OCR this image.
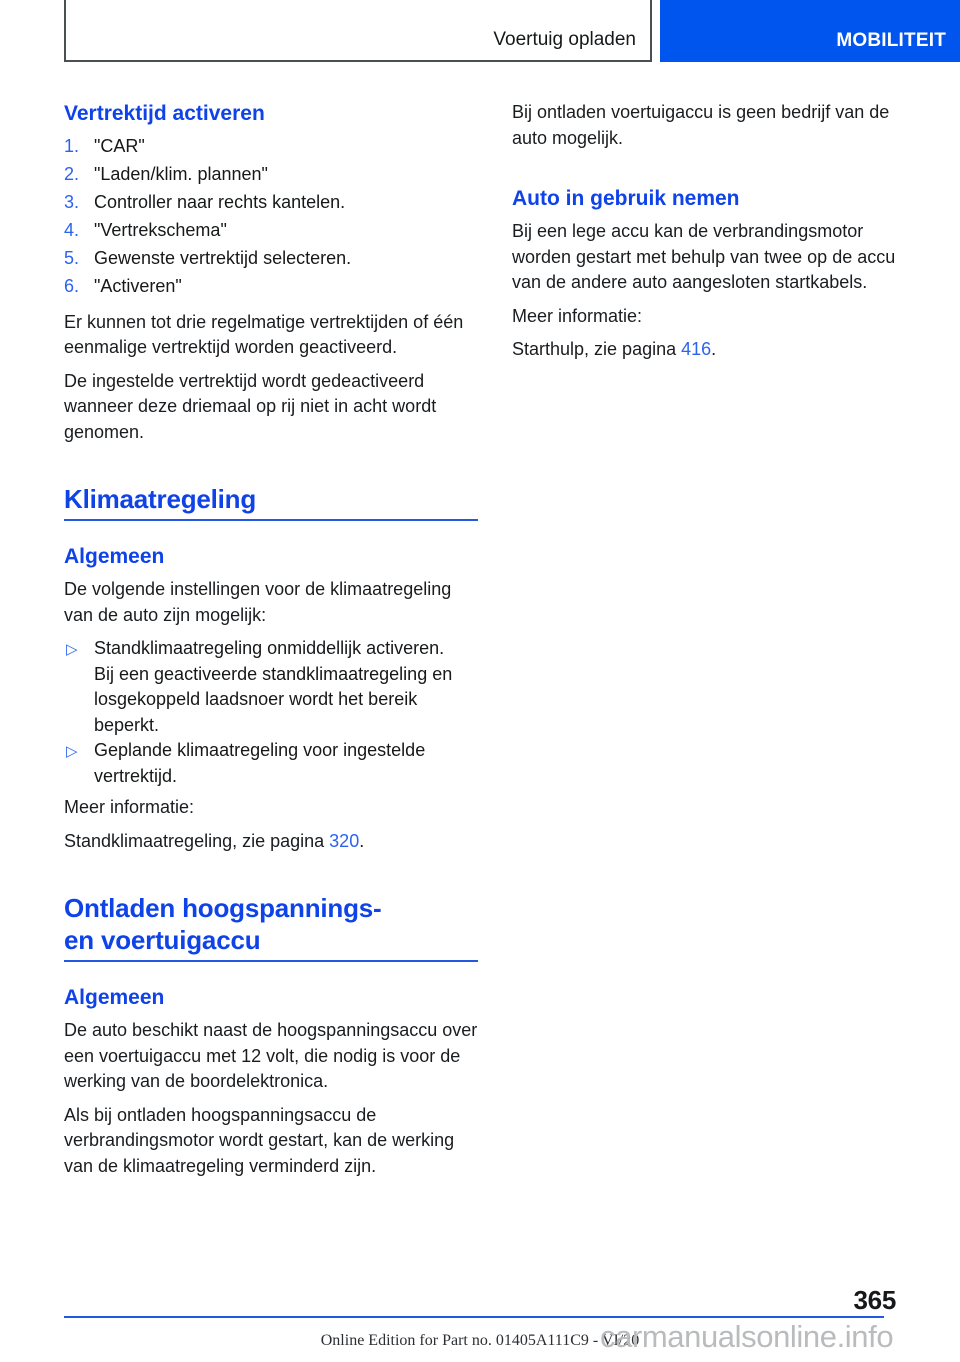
Voertuig opladen	MOBILITEIT
Vertrektijd activeren
1. "CAR"
2. "Laden/klim. plannen"
3. Controller naar rechts kantelen.
4. "Vertrekschema"
5. Gewenste vertrektijd selecteren.
6. "Activeren"

Er kunnen tot drie regelmatige vertrektijden of één eenmalige vertrektijd worden geactiveerd.

De ingestelde vertrektijd wordt gedeactiveerd wanneer deze driemaal op rij niet in acht wordt genomen.

Klimaatregeling
Algemeen

De volgende instellingen voor de klimaatregeling van de auto zijn mogelijk:

▷ Standklimaatregeling onmiddellijk activeren.
Bij een geactiveerde standklimaatregeling en losgekoppeld laadsnoer wordt het bereik beperkt.
▷ Geplande klimaatregeling voor ingestelde vertrektijd.

Meer informatie:

Standklimaatregeling, zie pagina 320.

Ontladen hoogspannings-
en voertuigaccu
Algemeen

De auto beschikt naast de hoogspanningsaccu over een voertuigaccu met 12 volt, die nodig is voor de werking van de boordelektronica.

Als bij ontladen hoogspanningsaccu de verbrandingsmotor wordt gestart, kan de werking van de klimaatregeling verminderd zijn.

Bij ontladen voertuigaccu is geen bedrijf van de auto mogelijk.

Auto in gebruik nemen

Bij een lege accu kan de verbrandingsmotor worden gestart met behulp van twee op de accu van de andere auto aangesloten startkabels.

Meer informatie:

Starthulp, zie pagina 416.

365
Online Edition for Part no. 01405A111C9 - VI/20
carmanualsonline.info
